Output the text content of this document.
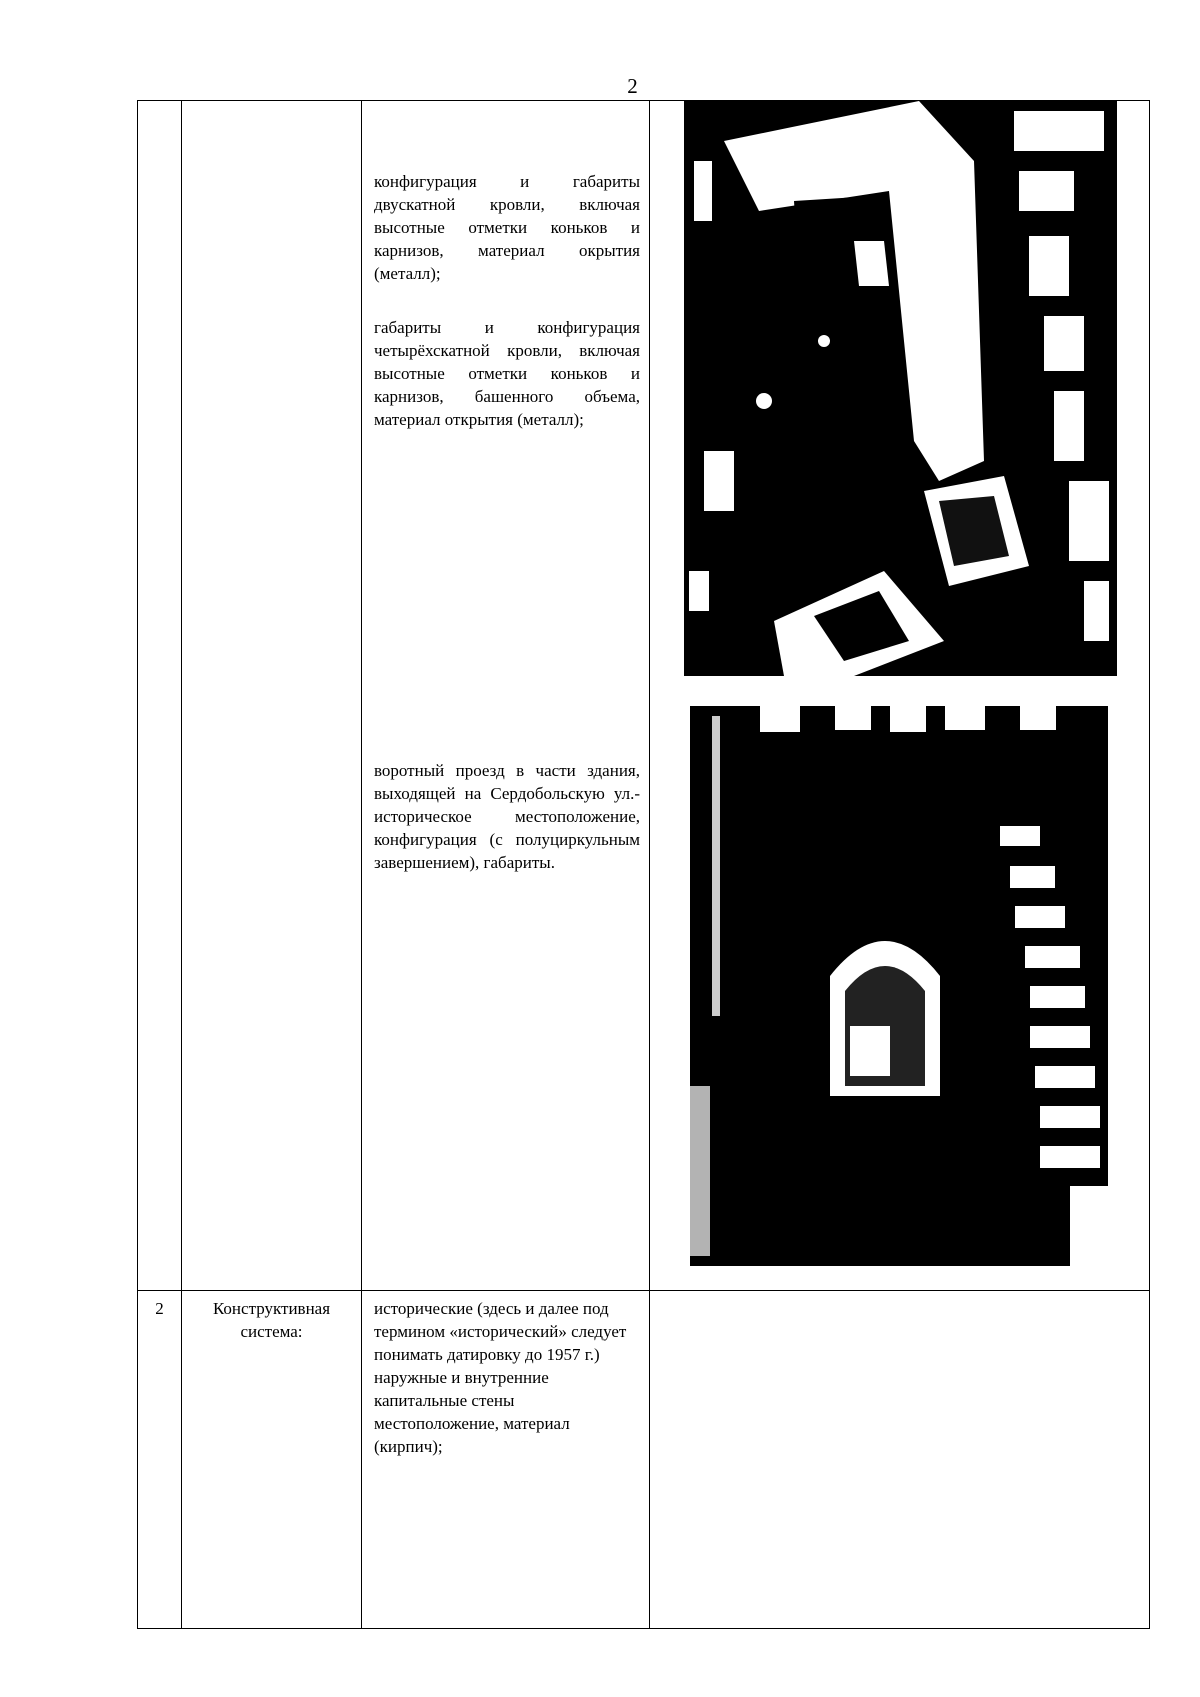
2

		конфигурация и габариты двускатной кровли, включая высотные отметки коньков и карнизов, материал окрытия (металл);
габариты и конфигурация четырёхскатной кровли, включая высотные отметки коньков и карнизов, башенного объема, материал открытия (металл);
воротный проезд в части здания, выходящей на Сердобольскую ул.- историческое местоположение, конфигурация (с полуциркульным завершением), габариты.

2	Конструктивная система:	исторические (здесь и далее под термином «исторический» следует понимать датировку до 1957 г.) наружные и внутренние капитальные стены местоположение, материал (кирпич);	
